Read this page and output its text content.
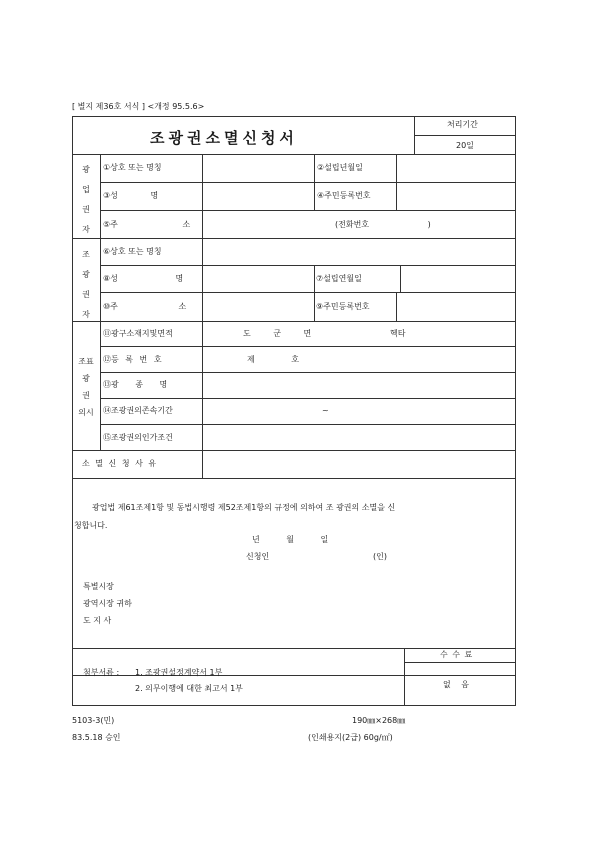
[ 별지 제36호 서식 ] <개정 95.5.6>
조광권소멸신청서
처리기간
20일
광
업
권
자
①상호 또는 명칭	②설립년월일
③성 명	④주민등록번호
⑤주 소	(전화번호 )
조
광
권
자
⑥상호 또는 명칭
⑧성 명	⑦설립연월일
⑩주 소	⑨주민등록번호
조표
광
권
의시
⑪광구소재지및면적	도 군 면	헥타
⑫등 록 번 호	제 호
⑬광 종 명
⑭조광권의존속기간	~
⑮조광권의인가조건
소 멸 신 청 사 유
광업법 제61조제1항 및 동법시행령 제52조제1항의 규정에 의하여 조 광권의 소멸을 신
청합니다.
년 월 일
신청인	(인)
특별시장
광역시장 귀하
도 지 사
첨부서류 : 1. 조광권설정계약서 1부
2. 의무이행에 대한 최고서 1부
수 수 료
없 음
5103-3(민)
83.5.18 승인
190㎜×268㎜
(인쇄용지(2급) 60g/㎡)
